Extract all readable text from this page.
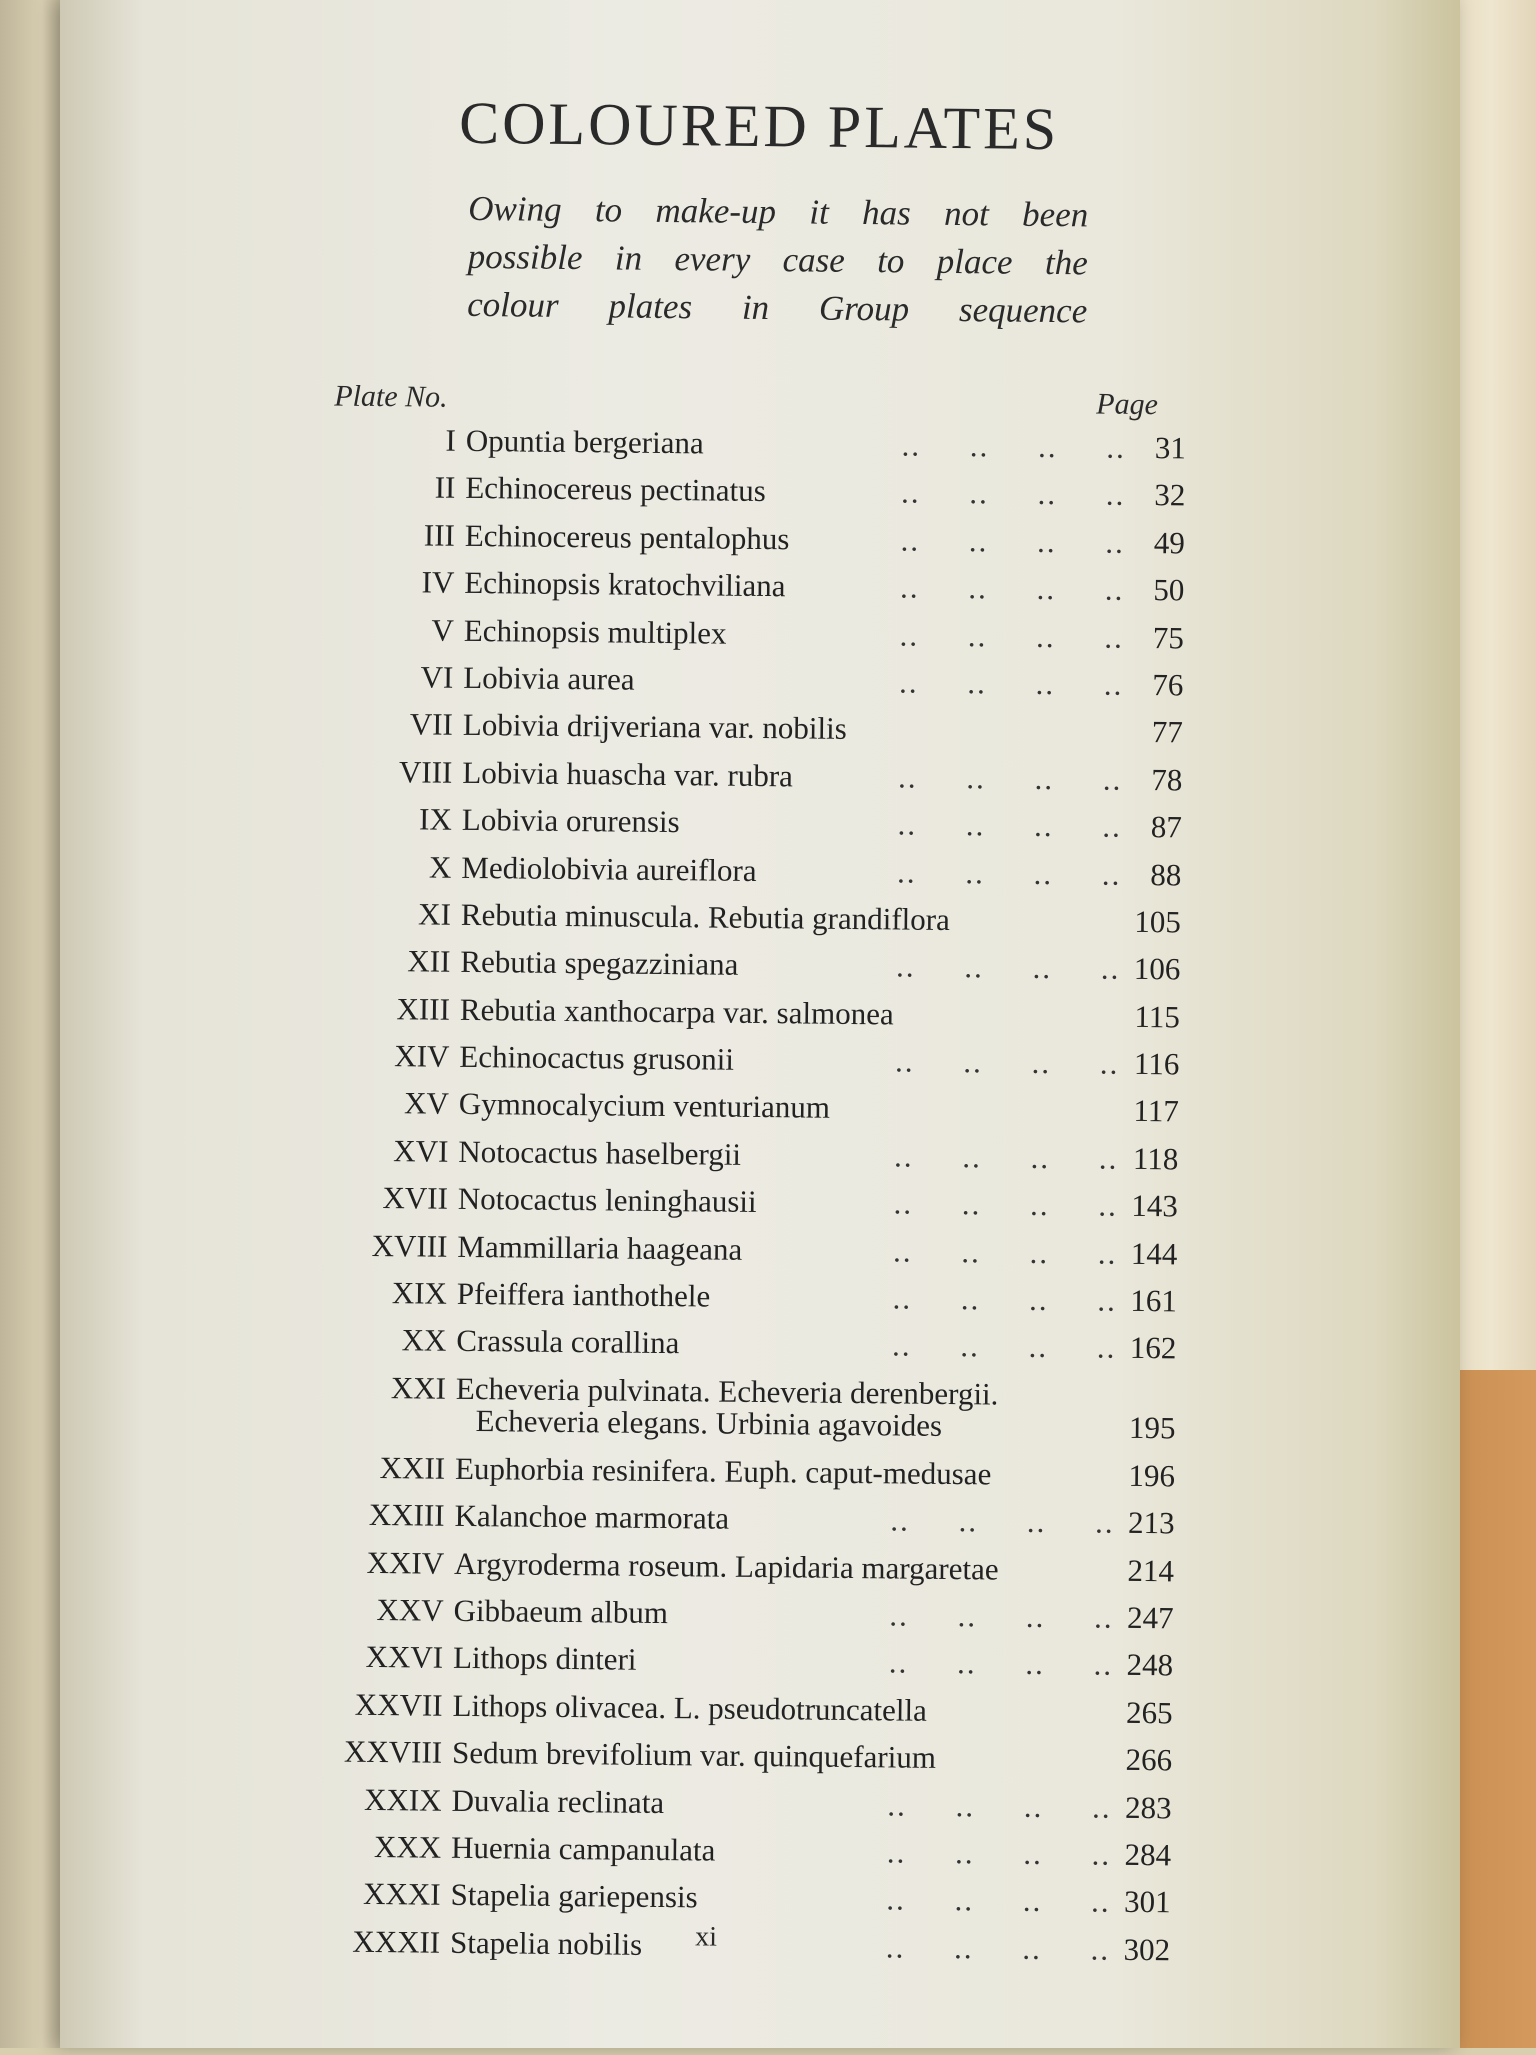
COLOURED PLATES

Owing to make-up it has not been
possible in every case to place the
colour plates in Group sequence

Plate No.	Page
I Opuntia bergeriana	..     ..     ..     .. 31
II Echinocereus pectinatus	..     ..     ..     .. 32
III Echinocereus pentalophus	..     ..     ..     .. 49
IV Echinopsis kratochviliana	..     ..     ..     .. 50
V Echinopsis multiplex	..     ..     ..     .. 75
VI Lobivia aurea	..     ..     ..     .. 76
VII Lobivia drijveriana var. nobilis	77
VIII Lobivia huascha var. rubra	..     ..     ..     .. 78
IX Lobivia orurensis	..     ..     ..     .. 87
X Mediolobivia aureiflora	..     ..     ..     .. 88
XI Rebutia minuscula. Rebutia grandiflora	105
XII Rebutia spegazziniana	..     ..     ..     .. 106
XIII Rebutia xanthocarpa var. salmonea	115
XIV Echinocactus grusonii	..     ..     ..     .. 116
XV Gymnocalycium venturianum	117
XVI Notocactus haselbergii	..     ..     ..     .. 118
XVII Notocactus leninghausii	..     ..     ..     .. 143
XVIII Mammillaria haageana	..     ..     ..     .. 144
XIX Pfeiffera ianthothele	..     ..     ..     .. 161
XX Crassula corallina	..     ..     ..     .. 162
XXI Echeveria pulvinata. Echeveria derenbergii.
Echeveria elegans. Urbinia agavoides	195
XXII Euphorbia resinifera. Euph. caput-medusae	196
XXIII Kalanchoe marmorata	..     ..     ..     .. 213
XXIV Argyroderma roseum. Lapidaria margaretae	214
XXV Gibbaeum album	..     ..     ..     .. 247
XXVI Lithops dinteri	..     ..     ..     .. 248
XXVII Lithops olivacea. L. pseudotruncatella	265
XXVIII Sedum brevifolium var. quinquefarium	266
XXIX Duvalia reclinata	..     ..     ..     .. 283
XXX Huernia campanulata	..     ..     ..     .. 284
XXXI Stapelia gariepensis	..     ..     ..     .. 301
XXXII Stapelia nobilis	..     ..     ..     .. 302
xi
